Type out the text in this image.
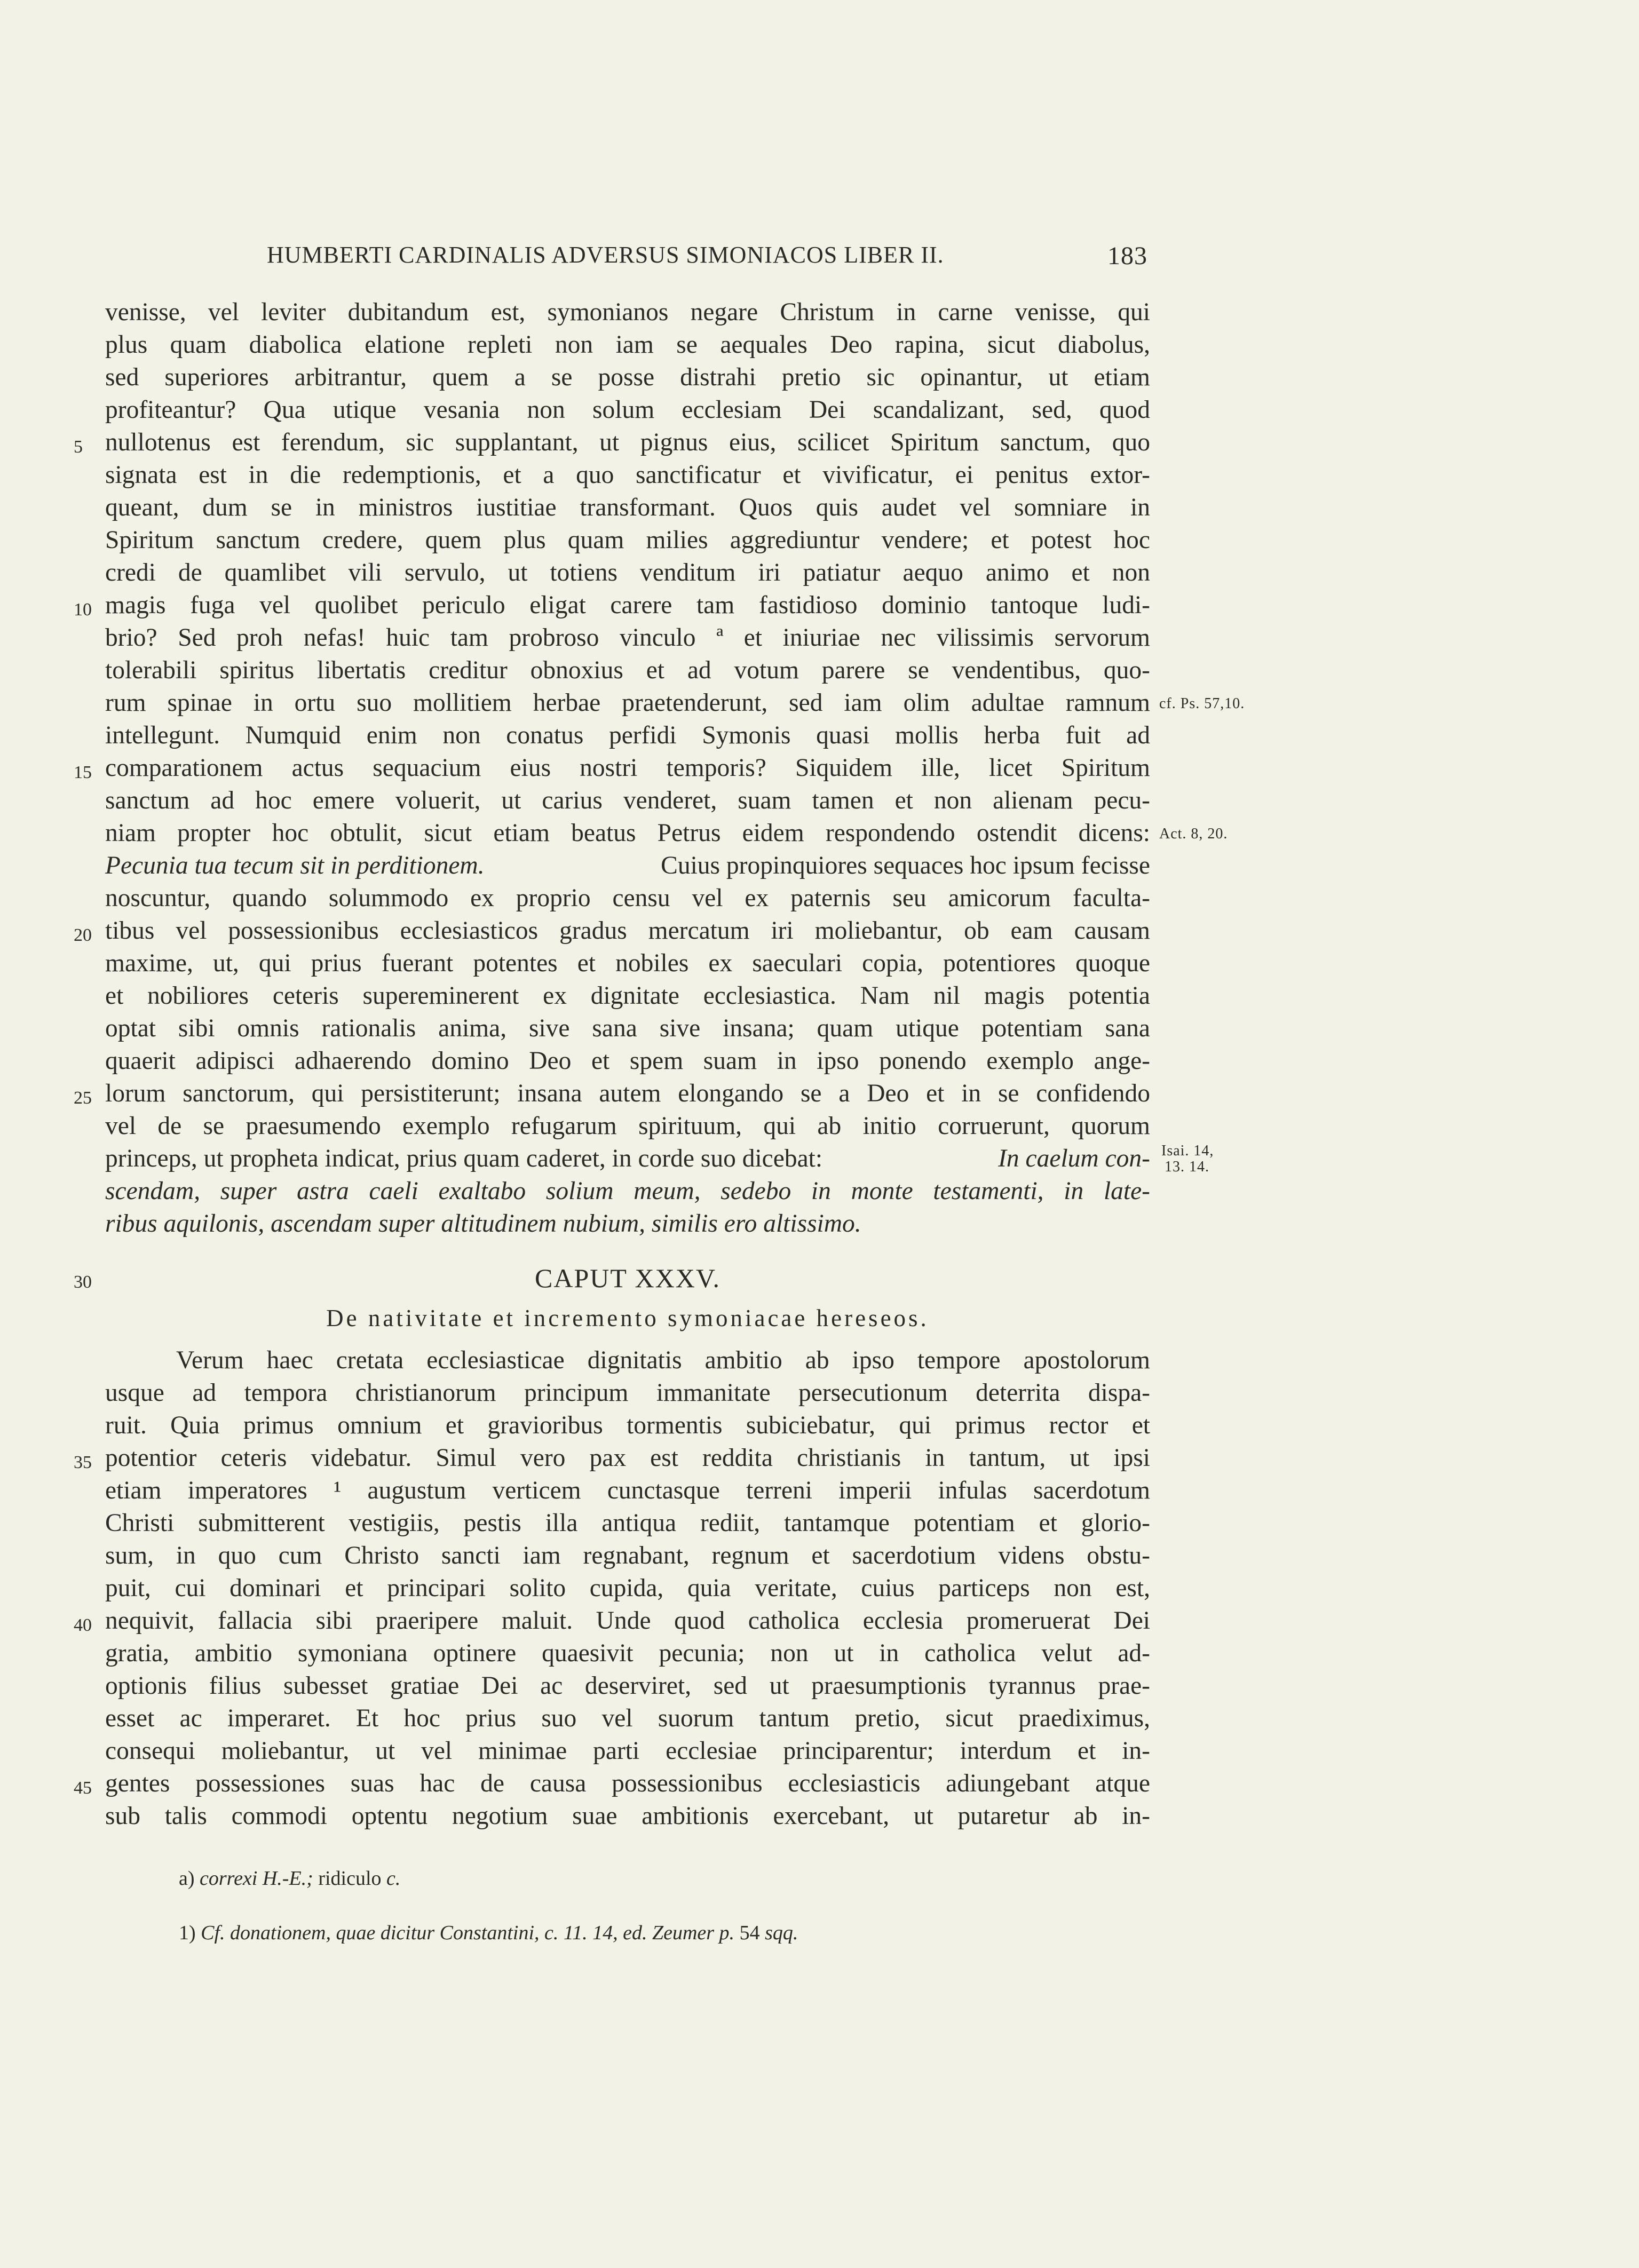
HUMBERTI CARDINALIS ADVERSUS SIMONIACOS LIBER II.	183
venisse, vel leviter dubitandum est, symonianos negare Christum in carne venisse, qui
plus quam diabolica elatione repleti non iam se aequales Deo rapina, sicut diabolus,
sed superiores arbitrantur, quem a se posse distrahi pretio sic opinantur, ut etiam
profiteantur? Qua utique vesania non solum ecclesiam Dei scandalizant, sed, quod
nullotenus est ferendum, sic supplantant, ut pignus eius, scilicet Spiritum sanctum, quo
signata est in die redemptionis, et a quo sanctificatur et vivificatur, ei penitus extor-
queant, dum se in ministros iustitiae transformant. Quos quis audet vel somniare in
Spiritum sanctum credere, quem plus quam milies aggrediuntur vendere; et potest hoc
credi de quamlibet vili servulo, ut totiens venditum iri patiatur aequo animo et non
magis fuga vel quolibet periculo eligat carere tam fastidioso dominio tantoque ludi-
brio? Sed proh nefas! huic tam probroso vinculo ª et iniuriae nec vilissimis servorum
tolerabili spiritus libertatis creditur obnoxius et ad votum parere se vendentibus, quo-
rum spinae in ortu suo mollitiem herbae praetenderunt, sed iam olim adultae ramnum
intellegunt. Numquid enim non conatus perfidi Symonis quasi mollis herba fuit ad
comparationem actus sequacium eius nostri temporis? Siquidem ille, licet Spiritum
sanctum ad hoc emere voluerit, ut carius venderet, suam tamen et non alienam pecu-
niam propter hoc obtulit, sicut etiam beatus Petrus eidem respondendo ostendit dicens:
Pecunia tua tecum sit in perditionem.	Cuius propinquiores sequaces hoc ipsum fecisse
noscuntur, quando solummodo ex proprio censu vel ex paternis seu amicorum faculta-
tibus vel possessionibus ecclesiasticos gradus mercatum iri moliebantur, ob eam causam
maxime, ut, qui prius fuerant potentes et nobiles ex saeculari copia, potentiores quoque
et nobiliores ceteris supereminerent ex dignitate ecclesiastica. Nam nil magis potentia
optat sibi omnis rationalis anima, sive sana sive insana; quam utique potentiam sana
quaerit adipisci adhaerendo domino Deo et spem suam in ipso ponendo exemplo ange-
lorum sanctorum, qui persistiterunt; insana autem elongando se a Deo et in se confidendo
vel de se praesumendo exemplo refugarum spirituum, qui ab initio corruerunt, quorum
princeps, ut propheta indicat, prius quam caderet, in corde suo dicebat:	In caelum con-
scendam, super astra caeli exaltabo solium meum, sedebo in monte testamenti, in late-
ribus aquilonis, ascendam super altitudinem nubium, similis ero altissimo.
CAPUT XXXV.
De nativitate et incremento symoniacae hereseos.
Verum haec cretata ecclesiasticae dignitatis ambitio ab ipso tempore apostolorum
usque ad tempora christianorum principum immanitate persecutionum deterrita dispa-
ruit. Quia primus omnium et gravioribus tormentis subiciebatur, qui primus rector et
potentior ceteris videbatur. Simul vero pax est reddita christianis in tantum, ut ipsi
etiam imperatores ¹ augustum verticem cunctasque terreni imperii infulas sacerdotum
Christi submitterent vestigiis, pestis illa antiqua rediit, tantamque potentiam et glorio-
sum, in quo cum Christo sancti iam regnabant, regnum et sacerdotium videns obstu-
puit, cui dominari et principari solito cupida, quia veritate, cuius particeps non est,
nequivit, fallacia sibi praeripere maluit. Unde quod catholica ecclesia promeruerat Dei
gratia, ambitio symoniana optinere quaesivit pecunia; non ut in catholica velut ad-
optionis filius subesset gratiae Dei ac deserviret, sed ut praesumptionis tyrannus prae-
esset ac imperaret. Et hoc prius suo vel suorum tantum pretio, sicut praediximus,
consequi moliebantur, ut vel minimae parti ecclesiae principarentur; interdum et in-
gentes possessiones suas hac de causa possessionibus ecclesiasticis adiungebant atque
sub talis commodi optentu negotium suae ambitionis exercebant, ut putaretur ab in-
5
10
15
20
25
30
35
40
45
cf. Ps. 57,10.
Act. 8, 20.
Isai. 14,
13. 14.
a) correxi H.-E.; ridiculo c.
1) Cf. donationem, quae dicitur Constantini, c. 11. 14, ed. Zeumer p. 54 sqq.
